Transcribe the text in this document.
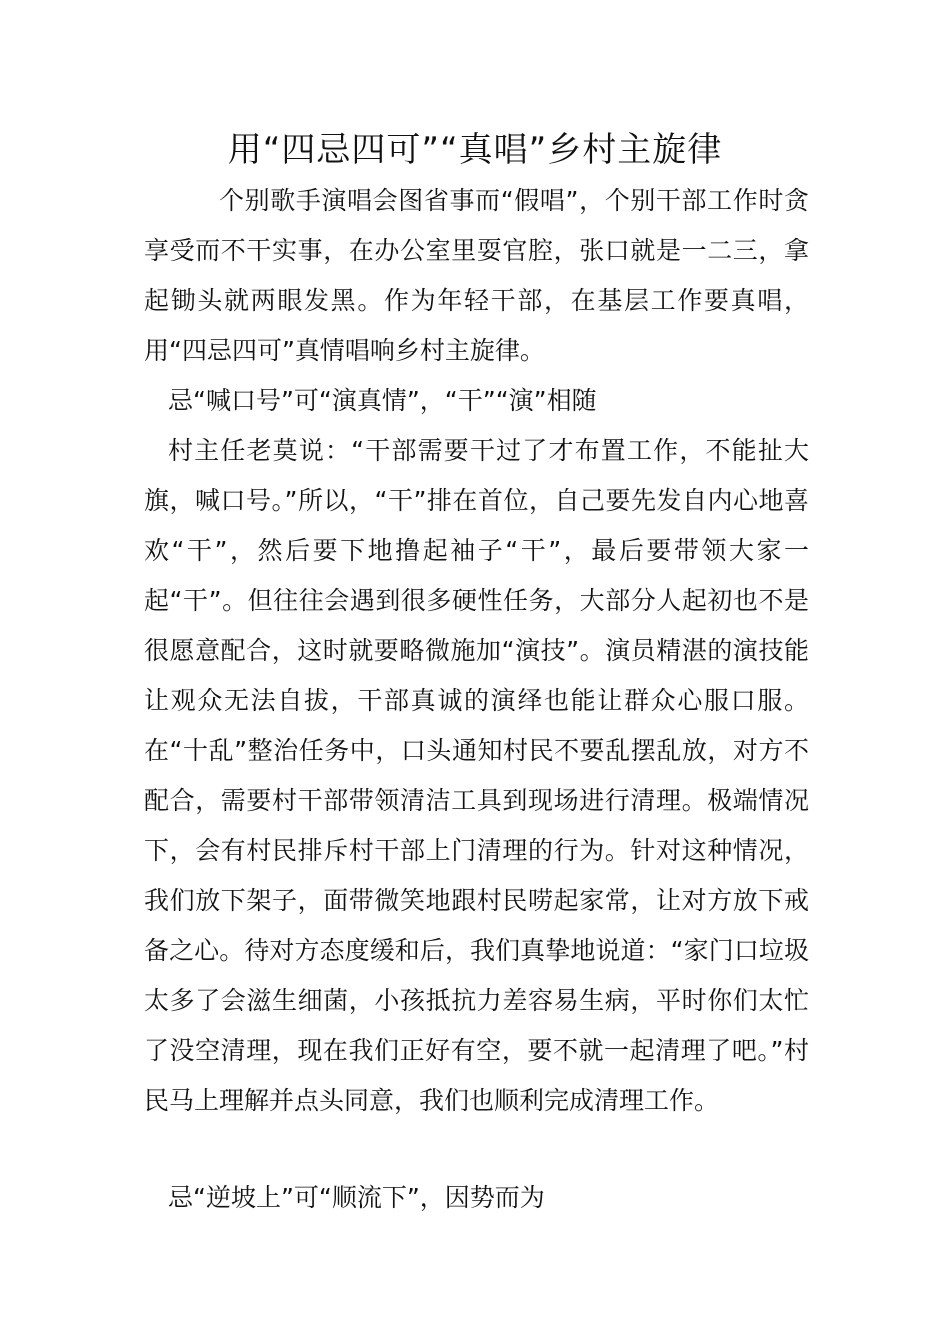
用“四忌四可”“真唱”乡村主旋律

个别歌手演唱会图省事而“假唱”，个别干部工作时贪享受而不干实事，在办公室里耍官腔，张口就是一二三，拿起锄头就两眼发黑。作为年轻干部，在基层工作要真唱，用“四忌四可”真情唱响乡村主旋律。

忌“喊口号”可“演真情”，“干”“演”相随

村主任老莫说：“干部需要干过了才布置工作，不能扯大旗，喊口号。”所以，“干”排在首位，自己要先发自内心地喜欢“干”，然后要下地撸起袖子“干”，最后要带领大家一起“干”。但往往会遇到很多硬性任务，大部分人起初也不是很愿意配合，这时就要略微施加“演技”。演员精湛的演技能让观众无法自拔，干部真诚的演绎也能让群众心服口服。在“十乱”整治任务中，口头通知村民不要乱摆乱放，对方不配合，需要村干部带领清洁工具到现场进行清理。极端情况下，会有村民排斥村干部上门清理的行为。针对这种情况，我们放下架子，面带微笑地跟村民唠起家常，让对方放下戒备之心。待对方态度缓和后，我们真挚地说道：“家门口垃圾太多了会滋生细菌，小孩抵抗力差容易生病，平时你们太忙了没空清理，现在我们正好有空，要不就一起清理了吧。”村民马上理解并点头同意，我们也顺利完成清理工作。

忌“逆坡上”可“顺流下”，因势而为
